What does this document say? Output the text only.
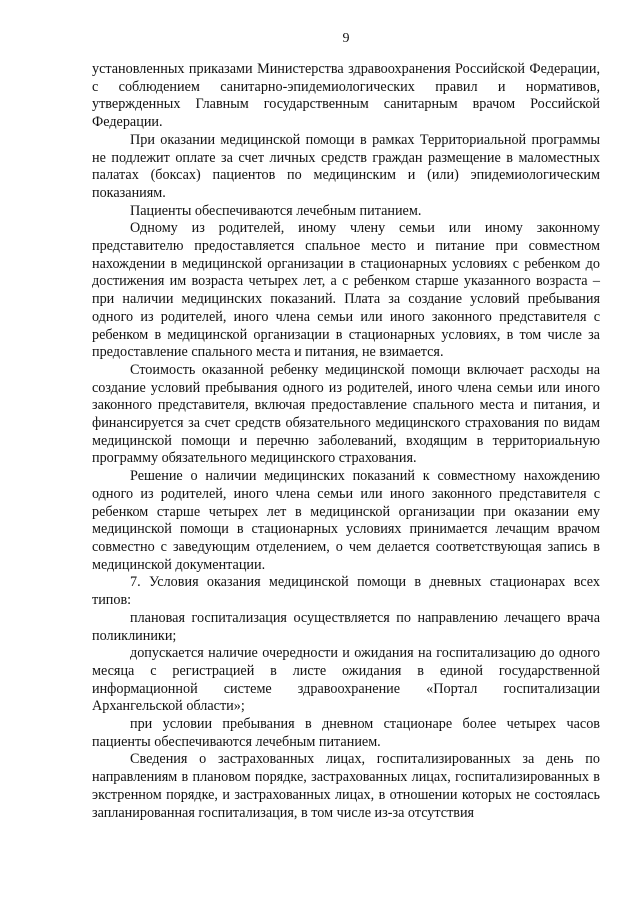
9

установленных приказами Министерства здравоохранения Российской Федерации, с соблюдением санитарно-эпидемиологических правил и нормативов, утвержденных Главным государственным санитарным врачом Российской Федерации.

При оказании медицинской помощи в рамках Территориальной программы не подлежит оплате за счет личных средств граждан размещение в маломестных палатах (боксах) пациентов по медицинским и (или) эпидемиологическим показаниям.

Пациенты обеспечиваются лечебным питанием.

Одному из родителей, иному члену семьи или иному законному представителю предоставляется спальное место и питание при совместном нахождении в медицинской организации в стационарных условиях с ребенком до достижения им возраста четырех лет, а с ребенком старше указанного возраста – при наличии медицинских показаний. Плата за создание условий пребывания одного из родителей, иного члена семьи или иного законного представителя с ребенком в медицинской организации в стационарных условиях, в том числе за предоставление спального места и питания, не взимается.

Стоимость оказанной ребенку медицинской помощи включает расходы на создание условий пребывания одного из родителей, иного члена семьи или иного законного представителя, включая предоставление спального места и питания, и финансируется за счет средств обязательного медицинского страхования по видам медицинской помощи и перечню заболеваний, входящим в территориальную программу обязательного медицинского страхования.

Решение о наличии медицинских показаний к совместному нахождению одного из родителей, иного члена семьи или иного законного представителя с ребенком старше четырех лет в медицинской организации при оказании ему медицинской помощи в стационарных условиях принимается лечащим врачом совместно с заведующим отделением, о чем делается соответствующая запись в медицинской документации.

7. Условия оказания медицинской помощи в дневных стационарах всех типов:

плановая госпитализация осуществляется по направлению лечащего врача поликлиники;

допускается наличие очередности и ожидания на госпитализацию до одного месяца с регистрацией в листе ожидания в единой государственной информационной системе здравоохранение «Портал госпитализации Архангельской области»;

при условии пребывания в дневном стационаре более четырех часов пациенты обеспечиваются лечебным питанием.

Сведения о застрахованных лицах, госпитализированных за день по направлениям в плановом порядке, застрахованных лицах, госпитализированных в экстренном порядке, и застрахованных лицах, в отношении которых не состоялась запланированная госпитализация, в том числе из-за отсутствия
